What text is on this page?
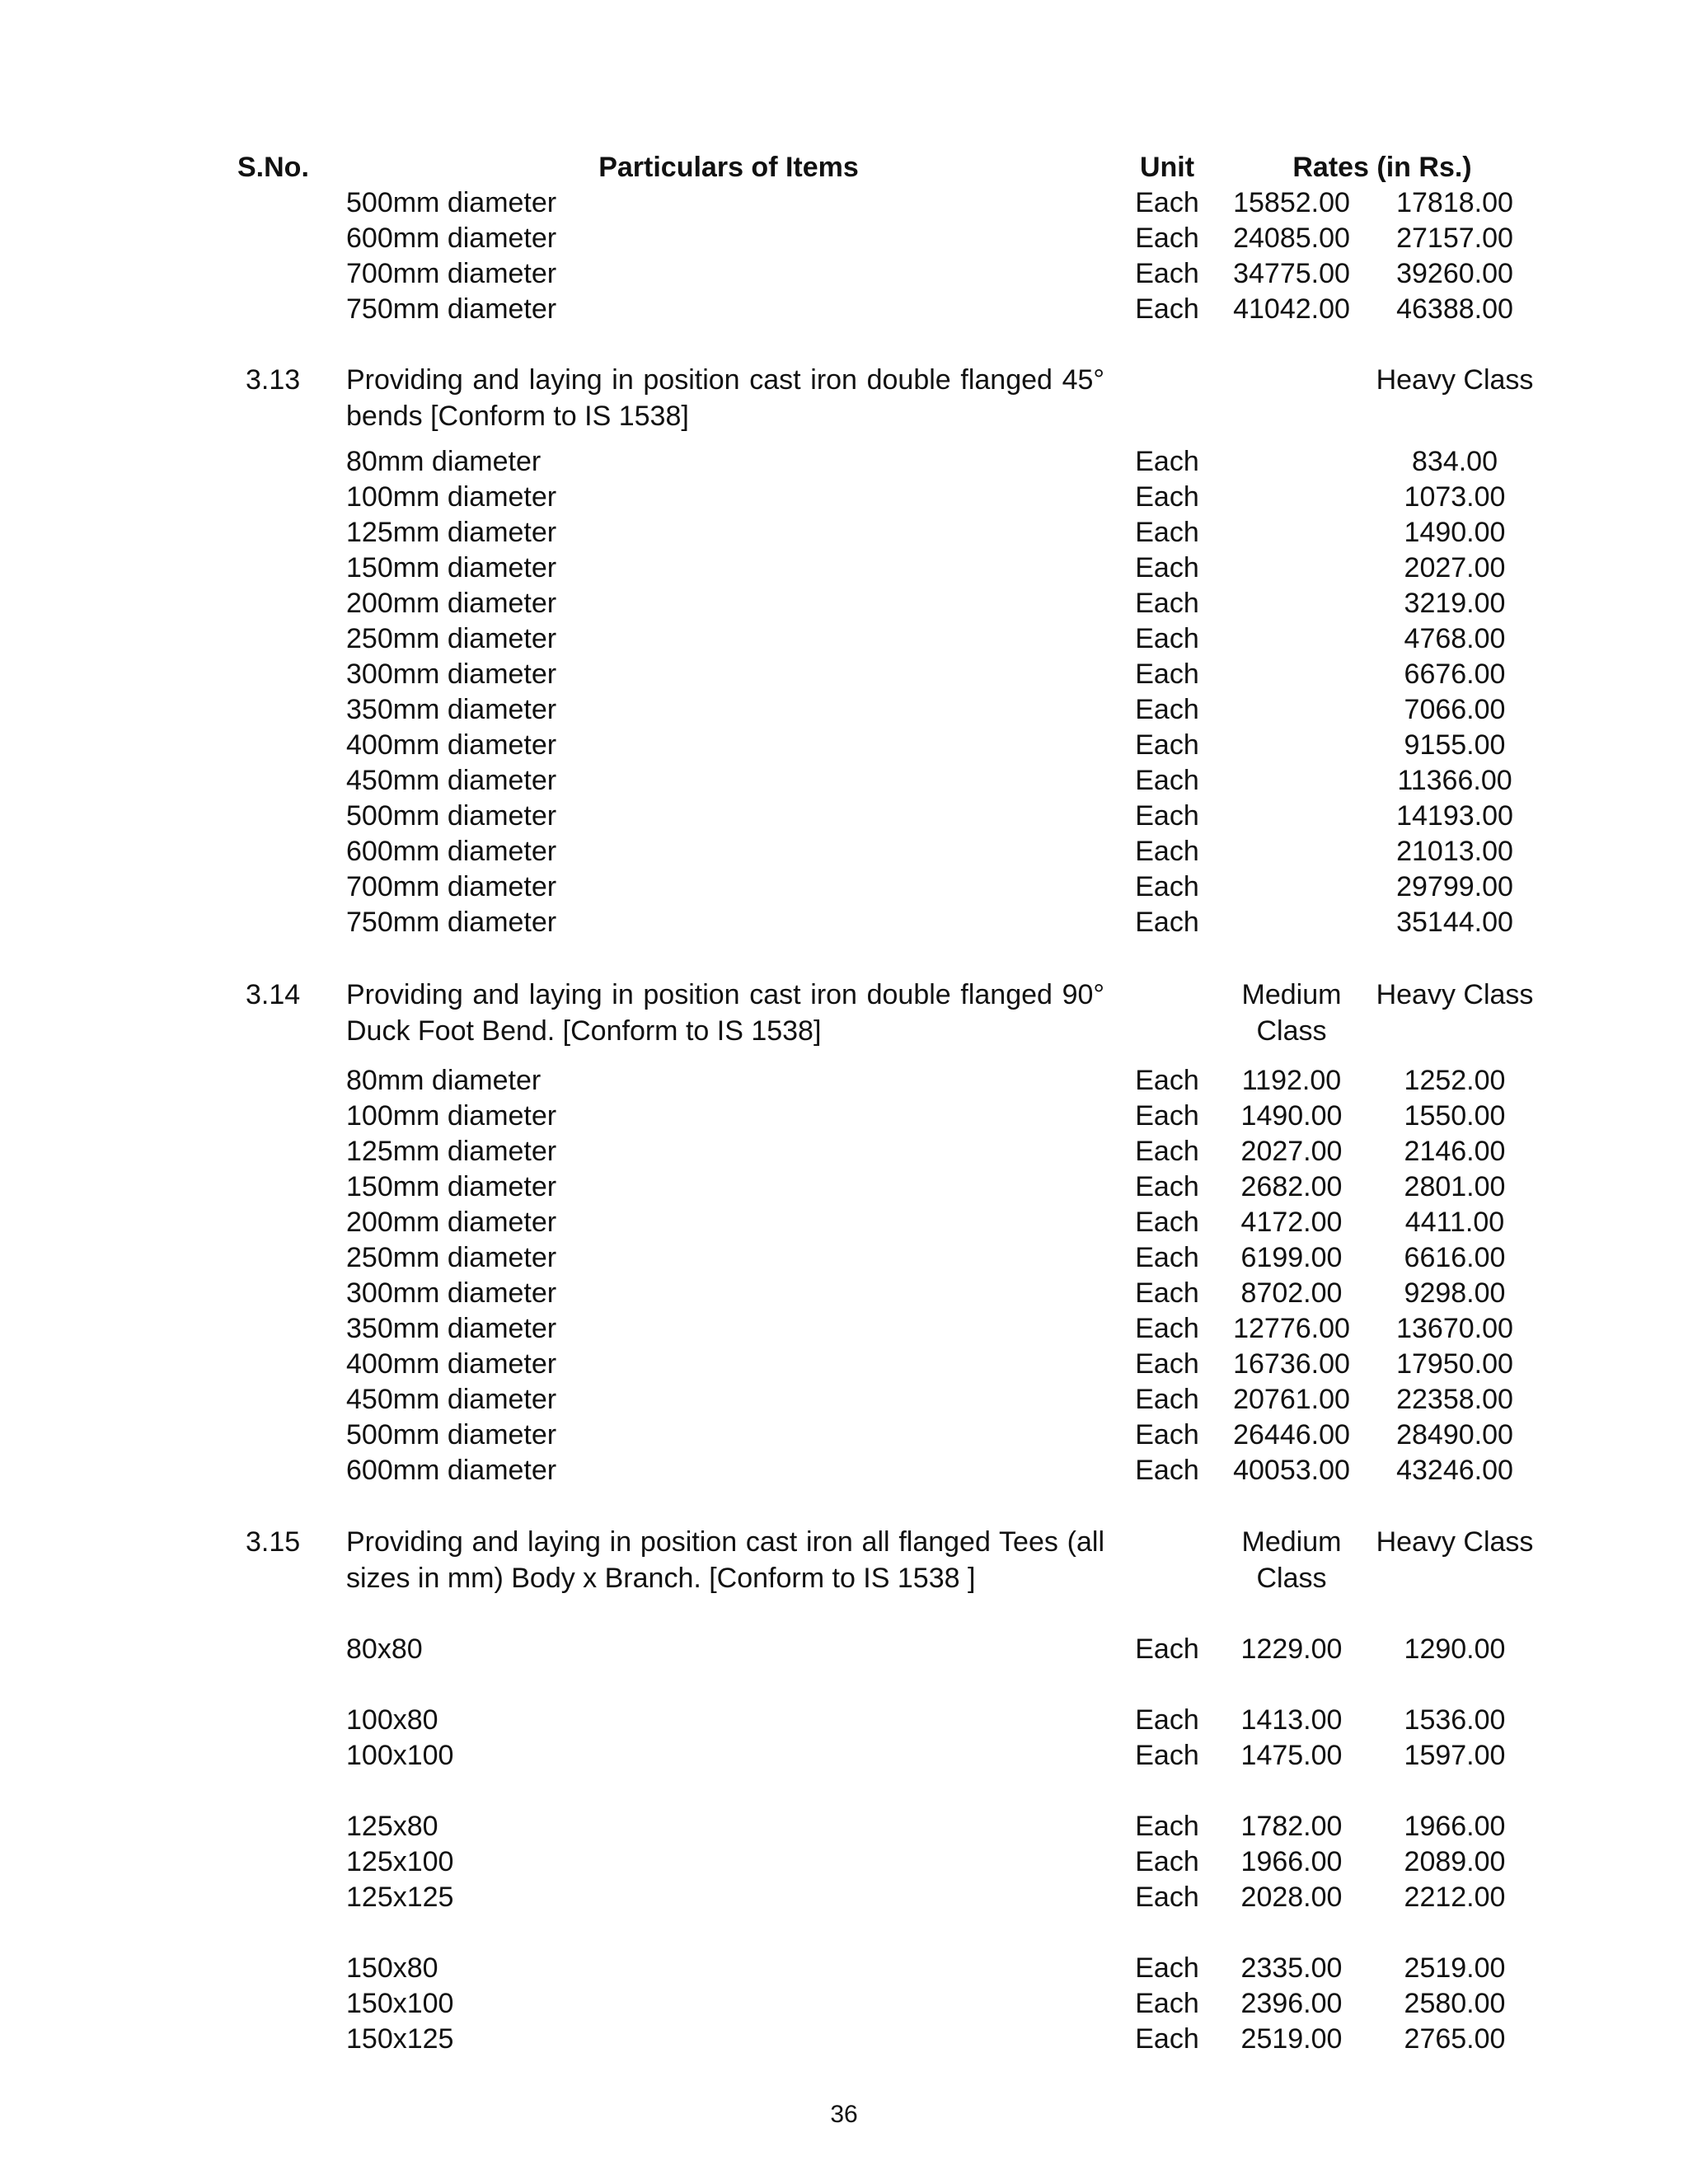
S.No.	Particulars of Items	Unit	Rates (in Rs.)
500mm diameter	Each 15852.00 17818.00
600mm diameter	Each 24085.00 27157.00
700mm diameter	Each 34775.00 39260.00
750mm diameter	Each 41042.00 46388.00
3.13 Providing and laying in position cast iron double flanged 45° bends [Conform to IS 1538]
Heavy Class
80mm diameter	Each	834.00
100mm diameter	Each	1073.00
125mm diameter	Each	1490.00
150mm diameter	Each	2027.00
200mm diameter	Each	3219.00
250mm diameter	Each	4768.00
300mm diameter	Each	6676.00
350mm diameter	Each	7066.00
400mm diameter	Each	9155.00
450mm diameter	Each	11366.00
500mm diameter	Each	14193.00
600mm diameter	Each	21013.00
700mm diameter	Each	29799.00
750mm diameter	Each	35144.00
3.14 Providing and laying in position cast iron double flanged 90° Duck Foot Bend. [Conform to IS 1538]
Medium Class
Heavy Class
80mm diameter	Each	1192.00	1252.00
100mm diameter	Each	1490.00	1550.00
125mm diameter	Each	2027.00	2146.00
150mm diameter	Each	2682.00	2801.00
200mm diameter	Each	4172.00	4411.00
250mm diameter	Each	6199.00	6616.00
300mm diameter	Each	8702.00	9298.00
350mm diameter	Each 12776.00 13670.00
400mm diameter	Each 16736.00 17950.00
450mm diameter	Each 20761.00 22358.00
500mm diameter	Each 26446.00 28490.00
600mm diameter	Each 40053.00 43246.00
3.15 Providing and laying in position cast iron all flanged Tees (all sizes in mm) Body x Branch. [Conform to IS 1538 ]
Medium Class
Heavy Class
80x80	Each	1229.00	1290.00
100x80	Each	1413.00	1536.00
100x100	Each	1475.00	1597.00
125x80	Each	1782.00	1966.00
125x100	Each	1966.00	2089.00
125x125	Each	2028.00	2212.00
150x80	Each	2335.00	2519.00
150x100	Each	2396.00	2580.00
150x125	Each	2519.00	2765.00
36
